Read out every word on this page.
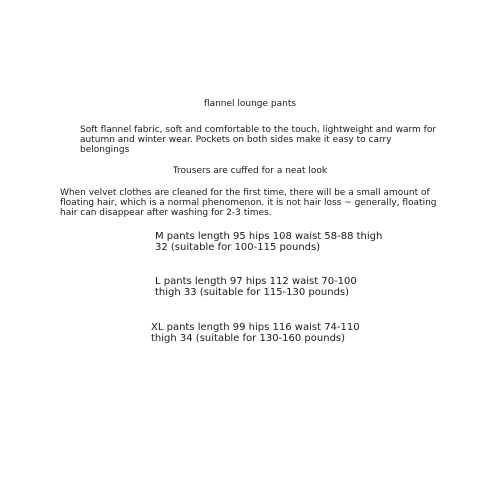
flannel lounge pants
Soft flannel fabric, soft and comfortable to the touch, lightweight and warm for autumn and winter wear. Pockets on both sides make it easy to carry belongings
Trousers are cuffed for a neat look
When velvet clothes are cleaned for the first time, there will be a small amount of floating hair, which is a normal phenomenon. it is not hair loss ~ generally, floating hair can disappear after washing for 2-3 times.
M pants length 95 hips 108 waist 58-88 thigh 32 (suitable for 100-115 pounds)
L pants length 97 hips 112 waist 70-100 thigh 33 (suitable for 115-130 pounds)
XL pants length 99 hips 116 waist 74-110 thigh 34 (suitable for 130-160 pounds)
